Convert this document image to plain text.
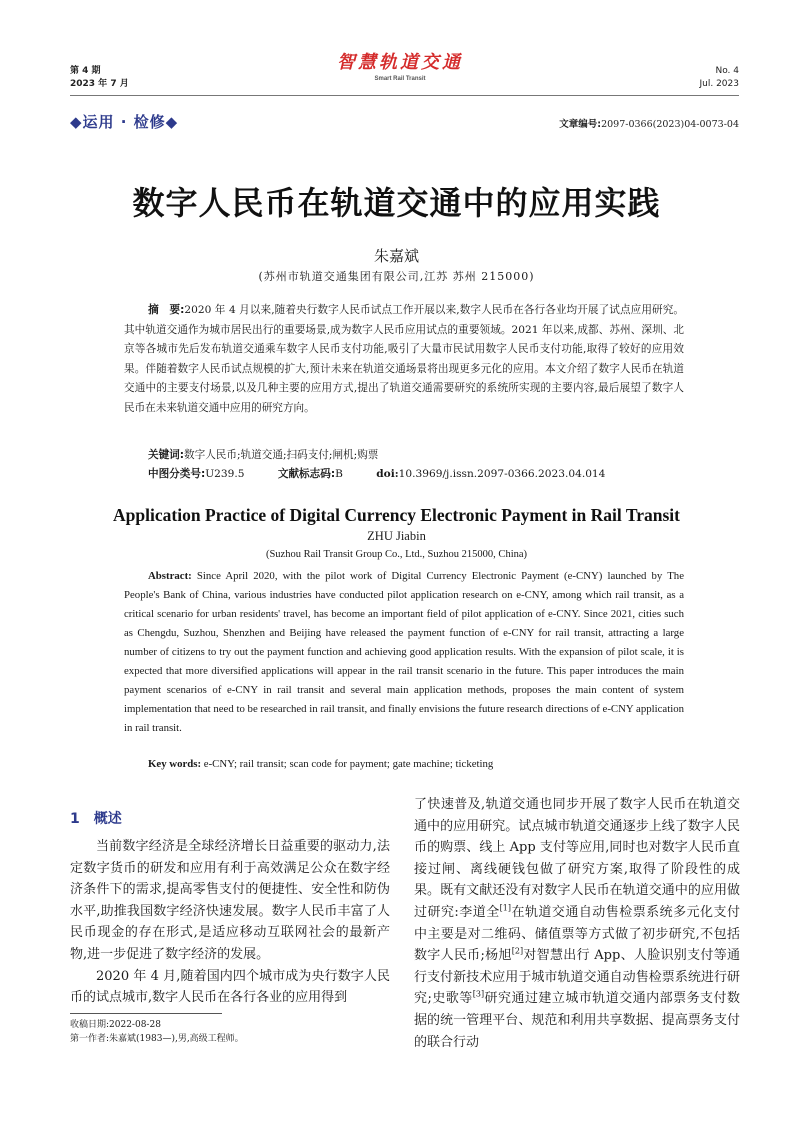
第 4 期
2023 年 7 月
智慧轨道交通
Smart Rail Transit
No. 4
Jul. 2023
◆运用 · 检修◆	文章编号:2097-0366(2023)04-0073-04
数字人民币在轨道交通中的应用实践
朱嘉斌
(苏州市轨道交通集团有限公司,江苏 苏州 215000)
摘　要:2020 年 4 月以来,随着央行数字人民币试点工作开展以来,数字人民币在各行各业均开展了试点应用研究。其中轨道交通作为城市居民出行的重要场景,成为数字人民币应用试点的重要领域。2021 年以来,成都、苏州、深圳、北京等各城市先后发布轨道交通乘车数字人民币支付功能,吸引了大量市民试用数字人民币支付功能,取得了较好的应用效果。伴随着数字人民币试点规模的扩大,预计未来在轨道交通场景将出现更多元化的应用。本文介绍了数字人民币在轨道交通中的主要支付场景,以及几种主要的应用方式,提出了轨道交通需要研究的系统所实现的主要内容,最后展望了数字人民币在未来轨道交通中应用的研究方向。
关键词:数字人民币;轨道交通;扫码支付;闸机;购票
中图分类号:U239.5	文献标志码:B	doi:10.3969/j.issn.2097-0366.2023.04.014
Application Practice of Digital Currency Electronic Payment in Rail Transit
ZHU Jiabin
(Suzhou Rail Transit Group Co., Ltd., Suzhou 215000, China)
Abstract: Since April 2020, with the pilot work of Digital Currency Electronic Payment (e-CNY) launched by The People's Bank of China, various industries have conducted pilot application research on e-CNY, among which rail transit, as a critical scenario for urban residents' travel, has become an important field of pilot application of e-CNY. Since 2021, cities such as Chengdu, Suzhou, Shenzhen and Beijing have released the payment function of e-CNY for rail transit, attracting a large number of citizens to try out the payment function and achieving good application results. With the expansion of pilot scale, it is expected that more diversified applications will appear in the rail transit scenario in the future. This paper introduces the main payment scenarios of e-CNY in rail transit and several main application methods, proposes the main content of system implementation that need to be researched in rail transit, and finally envisions the future research directions of e-CNY application in rail transit.
Key words: e-CNY; rail transit; scan code for payment; gate machine; ticketing
1 概述

当前数字经济是全球经济增长日益重要的驱动力,法定数字货币的研发和应用有利于高效满足公众在数字经济条件下的需求,提高零售支付的便捷性、安全性和防伪水平,助推我国数字经济快速发展。数字人民币丰富了人民币现金的存在形式,是适应移动互联网社会的最新产物,进一步促进了数字经济的发展。

2020 年 4 月,随着国内四个城市成为央行数字人民币的试点城市,数字人民币在各行各业的应用得到

了快速普及,轨道交通也同步开展了数字人民币在轨道交通中的应用研究。试点城市轨道交通逐步上线了数字人民币的购票、线上 App 支付等应用,同时也对数字人民币直接过闸、离线硬钱包做了研究方案,取得了阶段性的成果。既有文献还没有对数字人民币在轨道交通中的应用做过研究:李道全[1]在轨道交通自动售检票系统多元化支付中主要是对二维码、储值票等方式做了初步研究,不包括数字人民币;杨旭[2]对智慧出行 App、人脸识别支付等通行支付新技术应用于城市轨道交通自动售检票系统进行研究;史歌等[3]研究通过建立城市轨道交通内部票务支付数据的统一管理平台、规范和利用共享数据、提高票务支付的联合行动

收稿日期:2022-08-28
第一作者:朱嘉斌(1983—),男,高级工程师。
